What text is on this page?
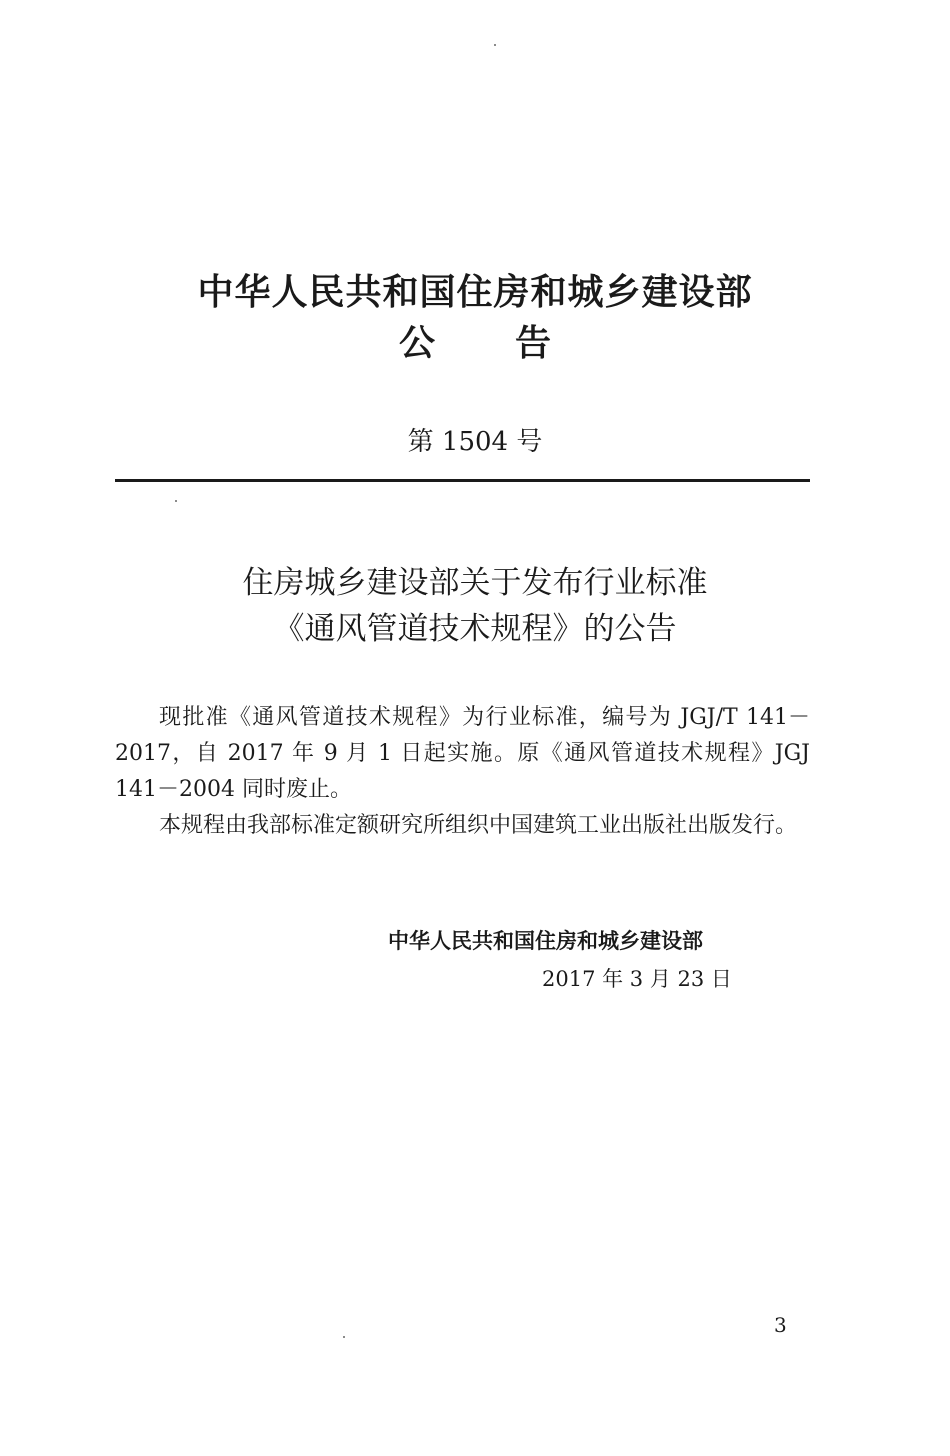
中华人民共和国住房和城乡建设部
公告
第 1504 号
住房城乡建设部关于发布行业标准
《通风管道技术规程》的公告

现批准《通风管道技术规程》为行业标准，编号为 JGJ/T 141－2017，自 2017 年 9 月 1 日起实施。原《通风管道技术规程》JGJ 141－2004 同时废止。

本规程由我部标准定额研究所组织中国建筑工业出版社出版发行。

中华人民共和国住房和城乡建设部
2017 年 3 月 23 日
3
